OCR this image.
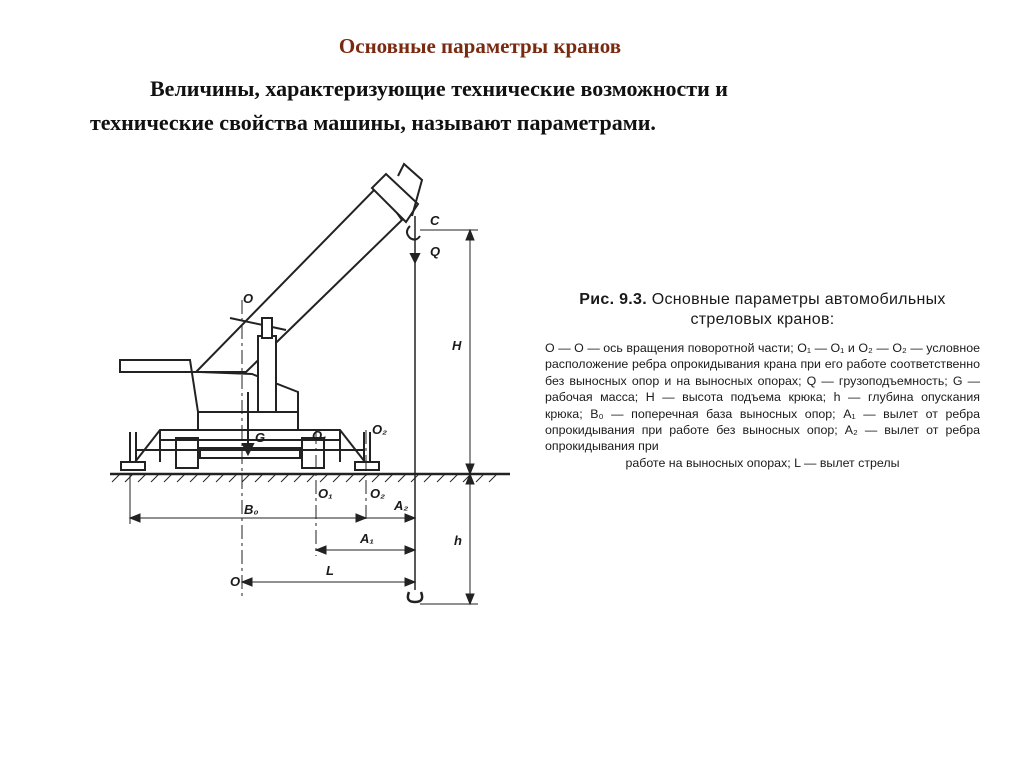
Основные параметры кранов
Величины, характеризующие технические возможности и
технические свойства машины, называют параметрами.
O
C
Q
H
h
G	O₁	O₂
O₁	O₂
B₀	A₂
A₁
L
O
Рис. 9.3. Основные параметры автомобильных стреловых кранов:
O — O — ось вращения поворотной части; O₁ — O₁ и O₂ — O₂ — условное расположение ребра опрокидывания крана при его работе соответственно без выносных опор и на выносных опорах; Q — грузоподъемность; G — рабочая масса; H — высота подъема крюка; h — глубина опускания крюка; B₀ — поперечная база выносных опор; A₁ — вылет от ребра опрокидывания при работе без выносных опор; A₂ — вылет от ребра опрокидывания при
работе на выносных опорах; L — вылет стрелы
